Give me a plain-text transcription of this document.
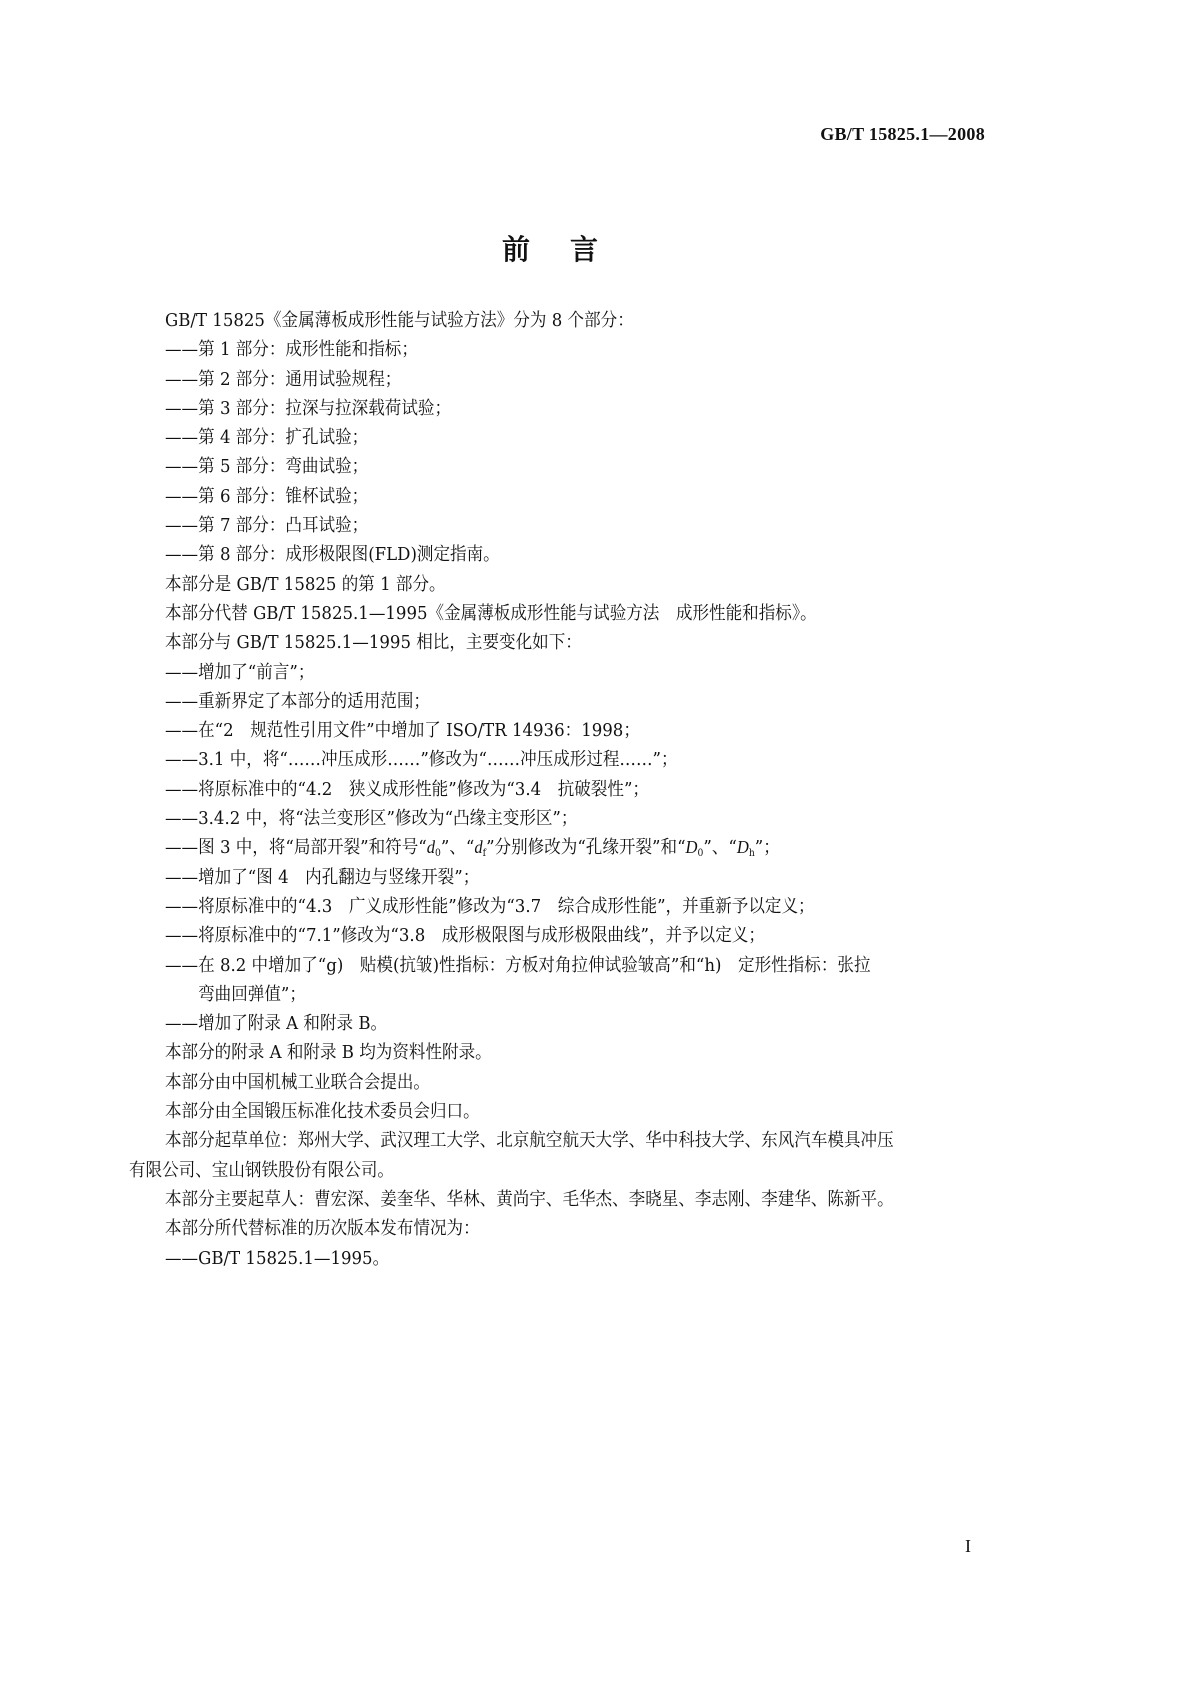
GB/T 15825.1—2008
前言
GB/T 15825《金属薄板成形性能与试验方法》分为 8 个部分：
——第 1 部分：成形性能和指标；
——第 2 部分：通用试验规程；
——第 3 部分：拉深与拉深载荷试验；
——第 4 部分：扩孔试验；
——第 5 部分：弯曲试验；
——第 6 部分：锥杯试验；
——第 7 部分：凸耳试验；
——第 8 部分：成形极限图(FLD)测定指南。
本部分是 GB/T 15825 的第 1 部分。
本部分代替 GB/T 15825.1—1995《金属薄板成形性能与试验方法　成形性能和指标》。
本部分与 GB/T 15825.1—1995 相比，主要变化如下：
——增加了“前言”；
——重新界定了本部分的适用范围；
——在“2　规范性引用文件”中增加了 ISO/TR 14936：1998；
——3.1 中，将“……冲压成形……”修改为“……冲压成形过程……”；
——将原标准中的“4.2　狭义成形性能”修改为“3.4　抗破裂性”；
——3.4.2 中，将“法兰变形区”修改为“凸缘主变形区”；
——图 3 中，将“局部开裂”和符号“$d_0$”、“$d_f$”分别修改为“孔缘开裂”和“$D_0$”、“$D_h$”；
——增加了“图 4　内孔翻边与竖缘开裂”；
——将原标准中的“4.3　广义成形性能”修改为“3.7　综合成形性能”，并重新予以定义；
——将原标准中的“7.1”修改为“3.8　成形极限图与成形极限曲线”，并予以定义；
——在 8.2 中增加了“g)　贴模(抗皱)性指标：方板对角拉伸试验皱高”和“h)　定形性指标：张拉
弯曲回弹值”；
——增加了附录 A 和附录 B。
本部分的附录 A 和附录 B 均为资料性附录。
本部分由中国机械工业联合会提出。
本部分由全国锻压标准化技术委员会归口。
本部分起草单位：郑州大学、武汉理工大学、北京航空航天大学、华中科技大学、东风汽车模具冲压
有限公司、宝山钢铁股份有限公司。
本部分主要起草人：曹宏深、姜奎华、华林、黄尚宇、毛华杰、李晓星、李志刚、李建华、陈新平。
本部分所代替标准的历次版本发布情况为：
——GB/T 15825.1—1995。
I
